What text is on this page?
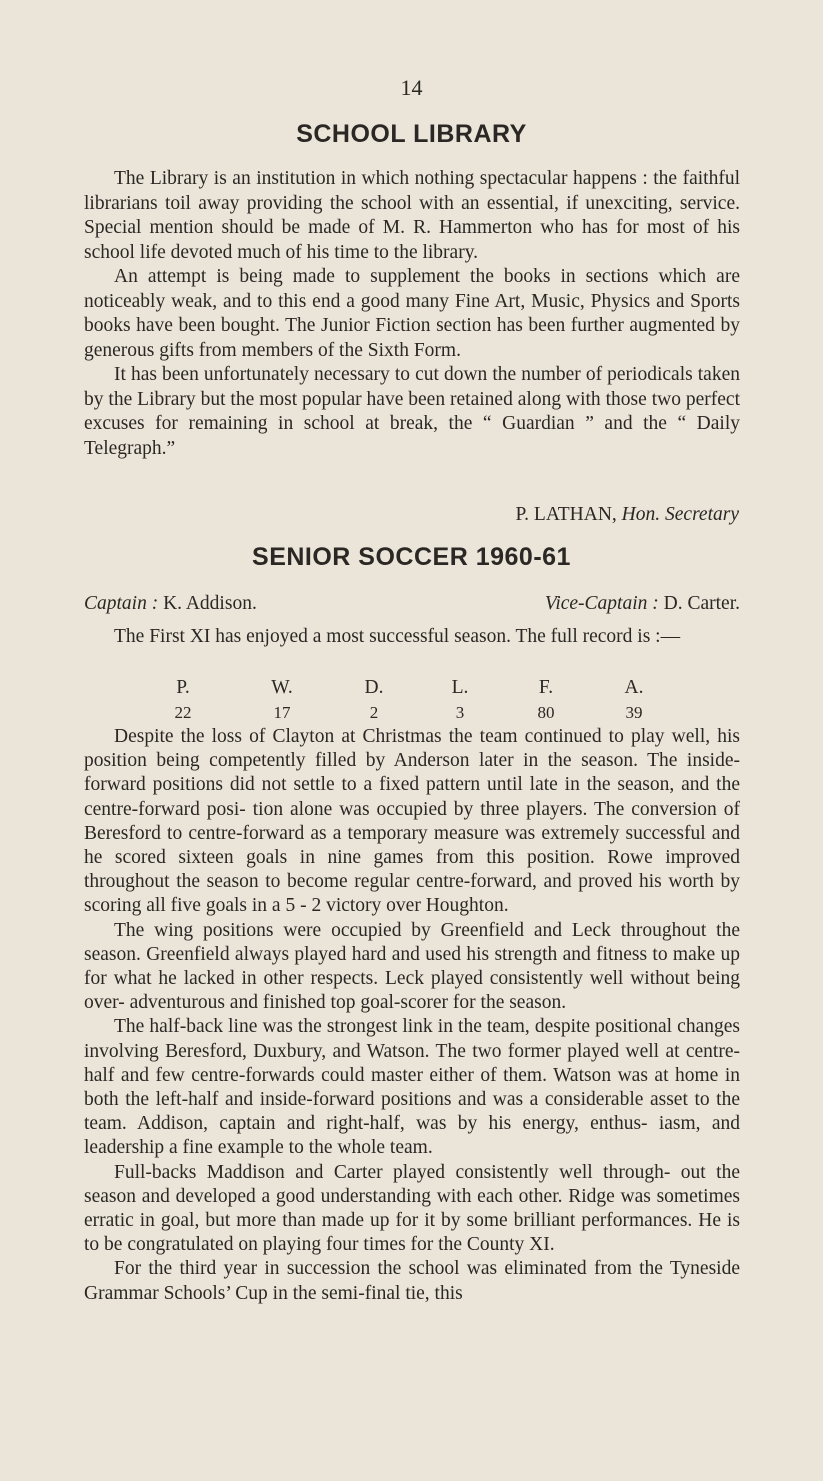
14
SCHOOL LIBRARY

The Library is an institution in which nothing spectacular happens : the faithful librarians toil away providing the school with an essential, if unexciting, service. Special mention should be made of M. R. Hammerton who has for most of his school life devoted much of his time to the library.

An attempt is being made to supplement the books in sections which are noticeably weak, and to this end a good many Fine Art, Music, Physics and Sports books have been bought. The Junior Fiction section has been further augmented by generous gifts from members of the Sixth Form.

It has been unfortunately necessary to cut down the number of periodicals taken by the Library but the most popular have been retained along with those two perfect excuses for remaining in school at break, the “ Guardian ” and the “ Daily Telegraph.”

P. LATHAN, Hon. Secretary
SENIOR SOCCER 1960-61
Captain : K. Addison.	Vice-Captain : D. Carter.

The First XI has enjoyed a most successful season. The full record is :—

P.	W.	D.	L.	F.	A.
22	17	2	3	80	39

Despite the loss of Clayton at Christmas the team continued to play well, his position being competently filled by Anderson later in the season. The inside-forward positions did not settle to a fixed pattern until late in the season, and the centre-forward posi- tion alone was occupied by three players. The conversion of Beresford to centre-forward as a temporary measure was extremely successful and he scored sixteen goals in nine games from this position. Rowe improved throughout the season to become regular centre-forward, and proved his worth by scoring all five goals in a 5 - 2 victory over Houghton.

The wing positions were occupied by Greenfield and Leck throughout the season. Greenfield always played hard and used his strength and fitness to make up for what he lacked in other respects. Leck played consistently well without being over- adventurous and finished top goal-scorer for the season.

The half-back line was the strongest link in the team, despite positional changes involving Beresford, Duxbury, and Watson. The two former played well at centre-half and few centre-forwards could master either of them. Watson was at home in both the left-half and inside-forward positions and was a considerable asset to the team. Addison, captain and right-half, was by his energy, enthus- iasm, and leadership a fine example to the whole team.

Full-backs Maddison and Carter played consistently well through- out the season and developed a good understanding with each other. Ridge was sometimes erratic in goal, but more than made up for it by some brilliant performances. He is to be congratulated on playing four times for the County XI.

For the third year in succession the school was eliminated from the Tyneside Grammar Schools’ Cup in the semi-final tie, this
